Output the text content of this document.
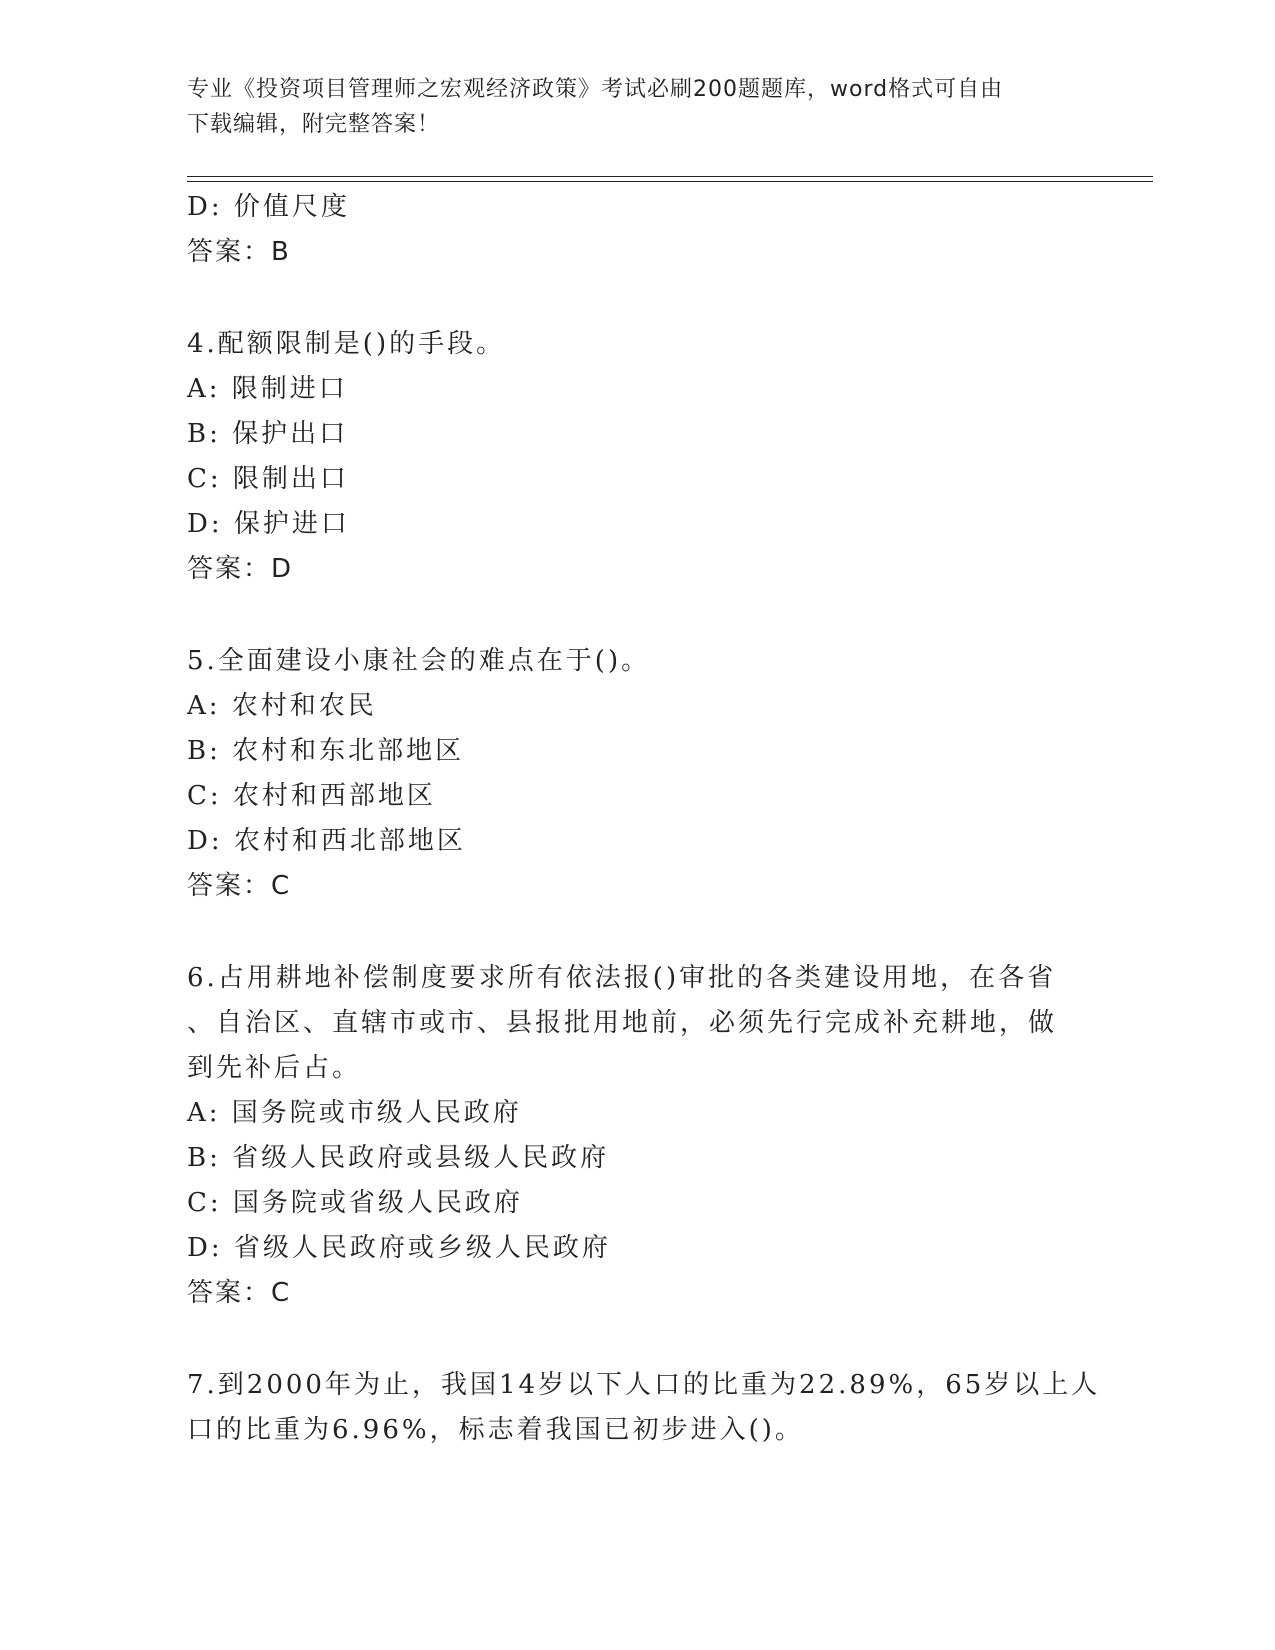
专业《投资项目管理师之宏观经济政策》考试必刷200题题库，word格式可自由
下载编辑，附完整答案！
D: 价值尺度
答案：B
4.配额限制是()的手段。
A: 限制进口
B: 保护出口
C: 限制出口
D: 保护进口
答案：D
5.全面建设小康社会的难点在于()。
A: 农村和农民
B: 农村和东北部地区
C: 农村和西部地区
D: 农村和西北部地区
答案：C
6.占用耕地补偿制度要求所有依法报()审批的各类建设用地，在各省
、自治区、直辖市或市、县报批用地前，必须先行完成补充耕地，做
到先补后占。
A: 国务院或市级人民政府
B: 省级人民政府或县级人民政府
C: 国务院或省级人民政府
D: 省级人民政府或乡级人民政府
答案：C
7.到2000年为止，我国14岁以下人口的比重为22.89%，65岁以上人
口的比重为6.96%，标志着我国已初步进入()。
